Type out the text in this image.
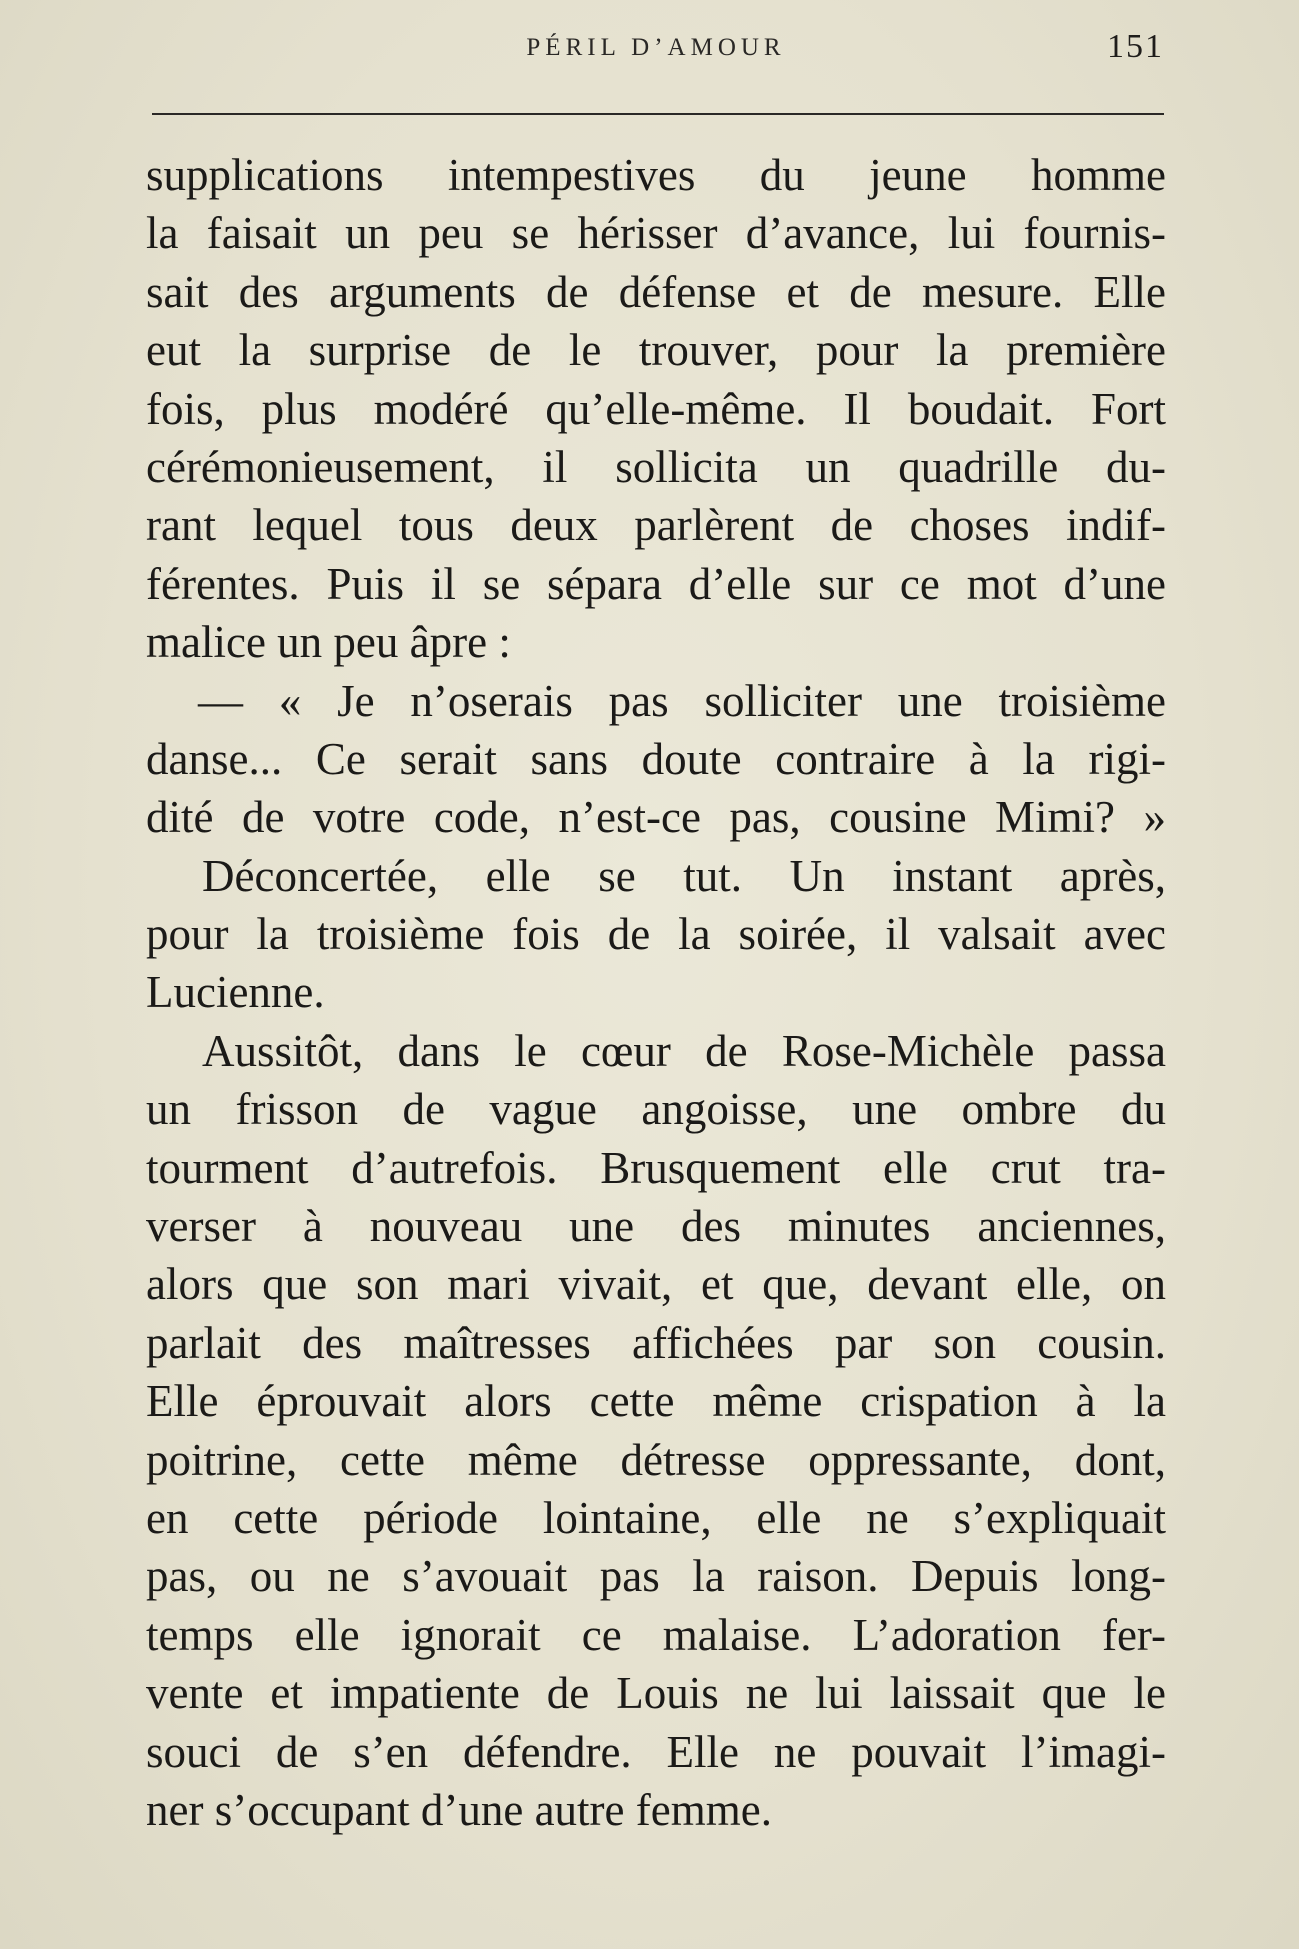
PÉRIL D’AMOUR	151
supplications intempestives du jeune homme
la faisait un peu se hérisser d’avance, lui fournis-
sait des arguments de défense et de mesure. Elle
eut la surprise de le trouver, pour la première
fois, plus modéré qu’elle-même. Il boudait. Fort
cérémonieusement, il sollicita un quadrille du-
rant lequel tous deux parlèrent de choses indif-
férentes. Puis il se sépara d’elle sur ce mot d’une
malice un peu âpre :
— « Je n’oserais pas solliciter une troisième
danse... Ce serait sans doute contraire à la rigi-
dité de votre code, n’est-ce pas, cousine Mimi? »
Déconcertée, elle se tut. Un instant après,
pour la troisième fois de la soirée, il valsait avec
Lucienne.
Aussitôt, dans le cœur de Rose-Michèle passa
un frisson de vague angoisse, une ombre du
tourment d’autrefois. Brusquement elle crut tra-
verser à nouveau une des minutes anciennes,
alors que son mari vivait, et que, devant elle, on
parlait des maîtresses affichées par son cousin.
Elle éprouvait alors cette même crispation à la
poitrine, cette même détresse oppressante, dont,
en cette période lointaine, elle ne s’expliquait
pas, ou ne s’avouait pas la raison. Depuis long-
temps elle ignorait ce malaise. L’adoration fer-
vente et impatiente de Louis ne lui laissait que le
souci de s’en défendre. Elle ne pouvait l’imagi-
ner s’occupant d’une autre femme.
